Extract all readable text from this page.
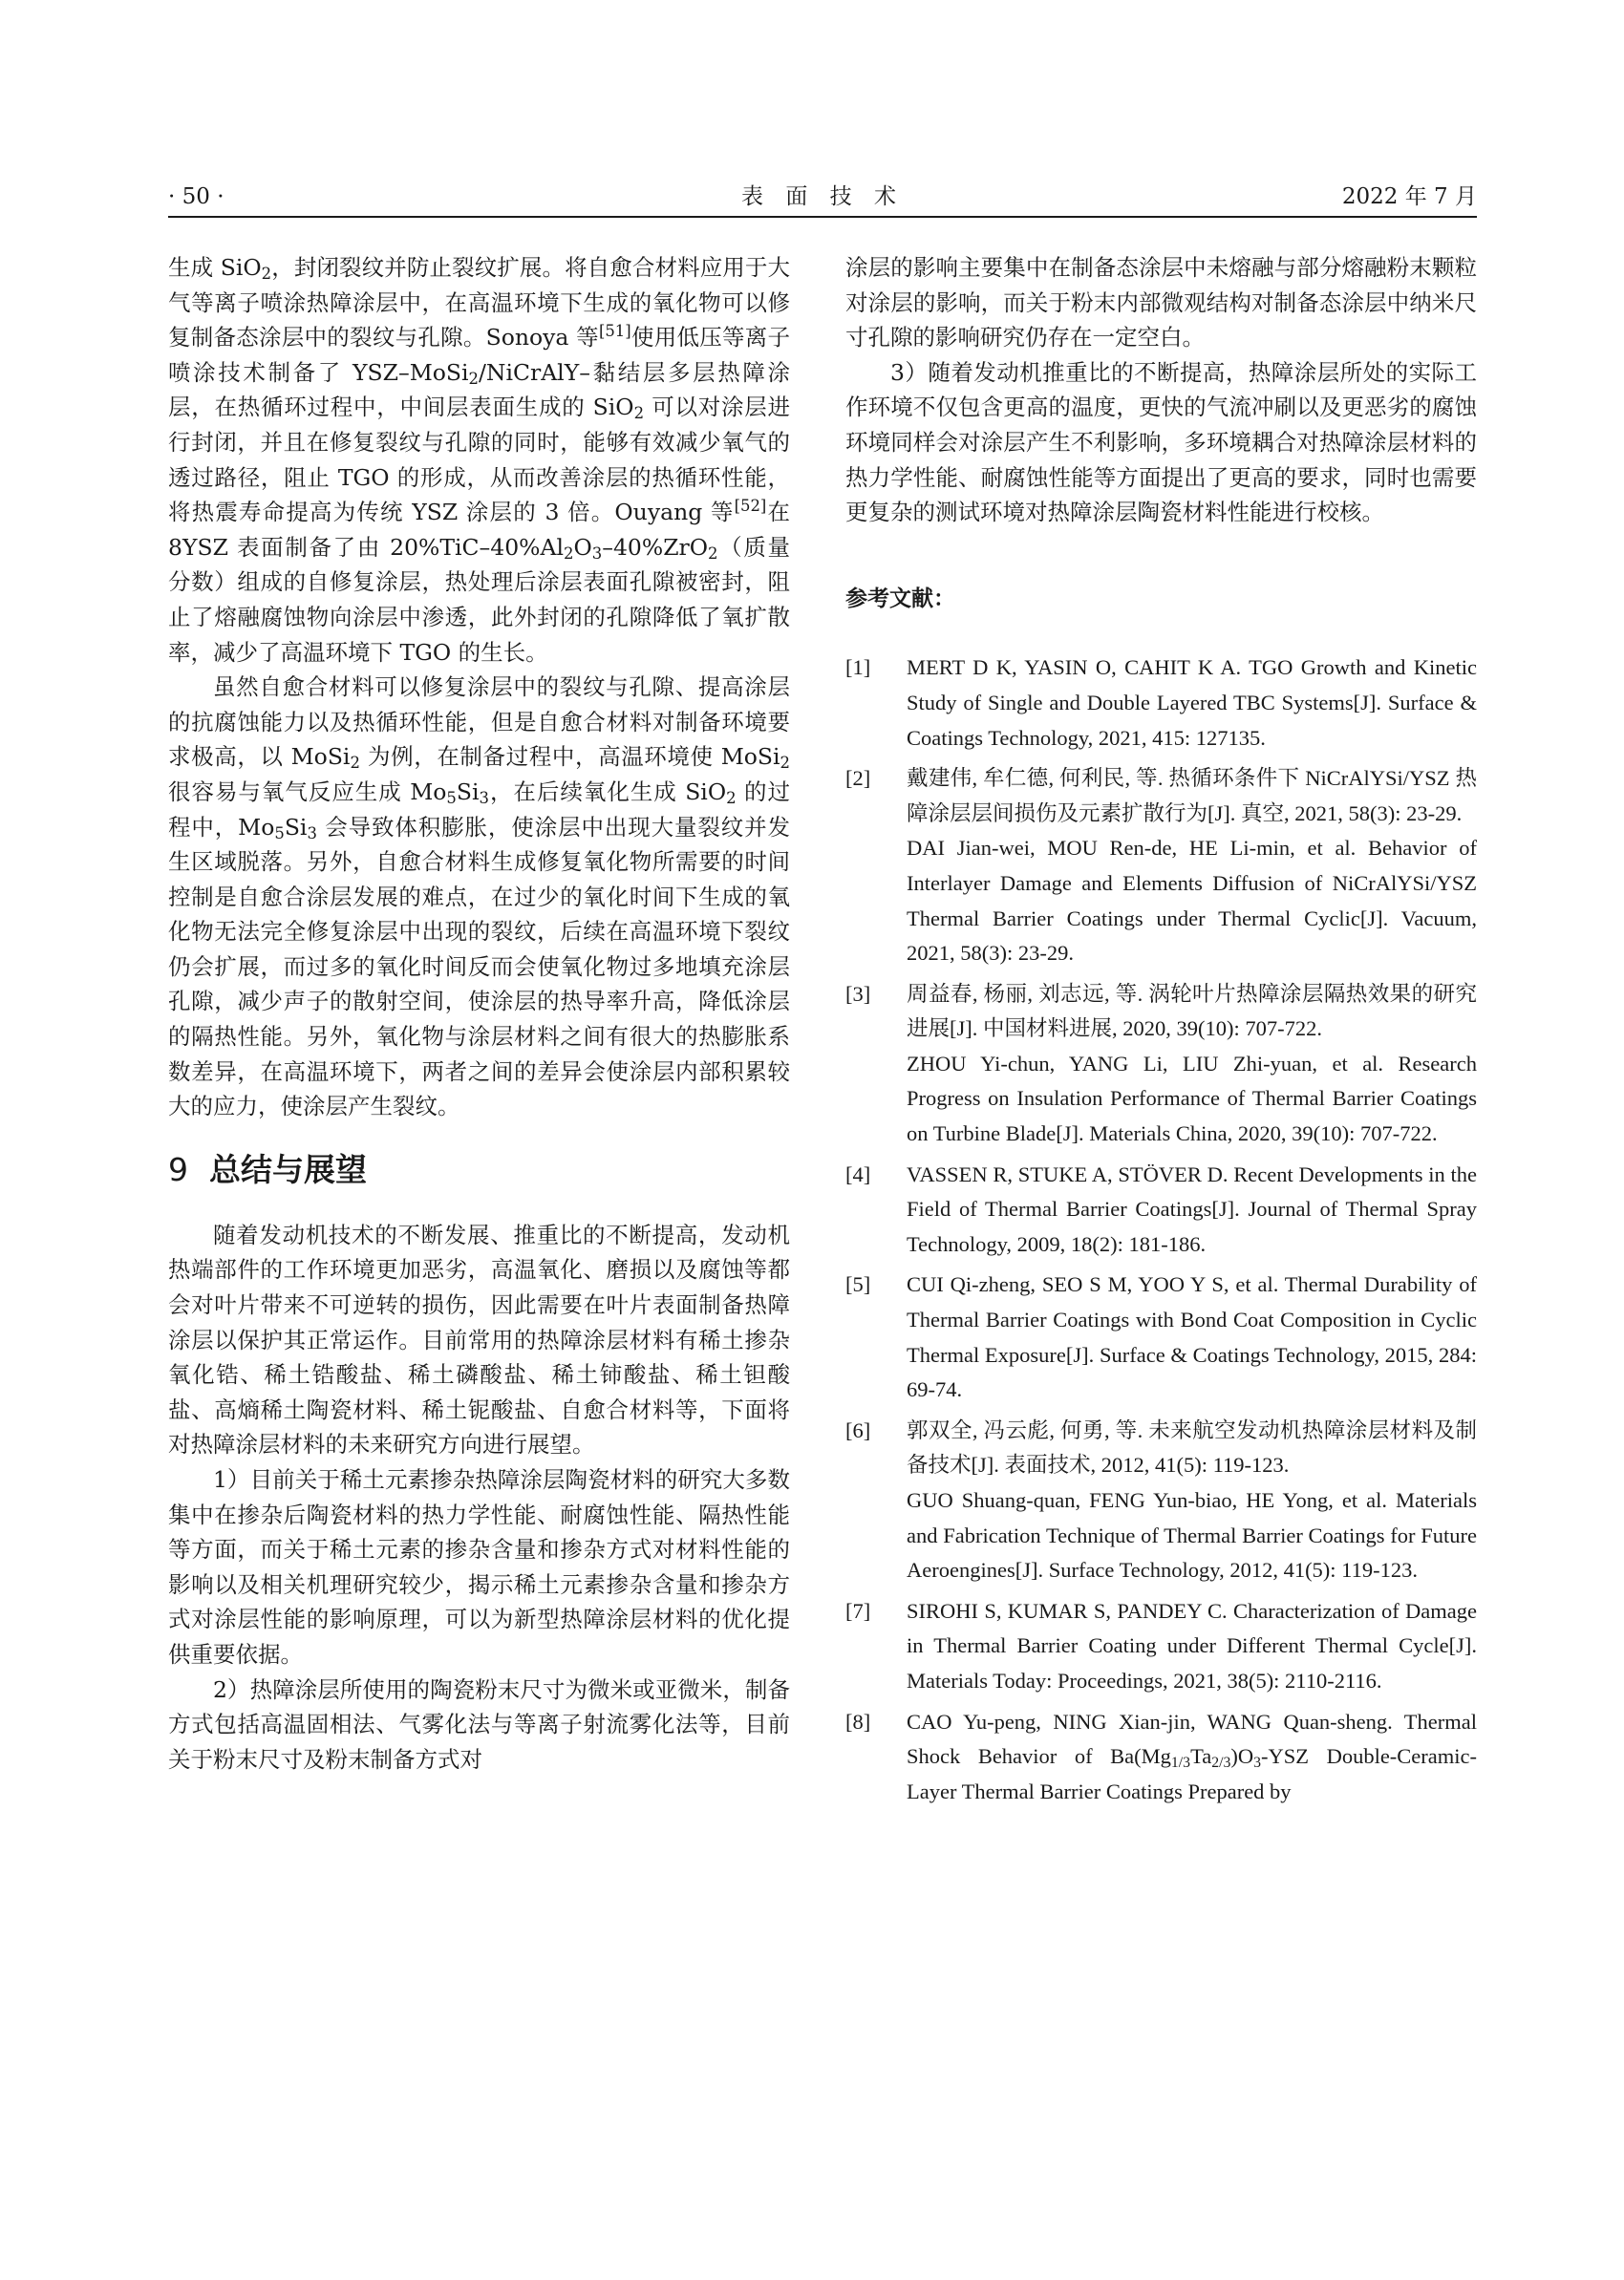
· 50 ·	表 面 技 术	2022 年 7 月

生成 SiO$_2$，封闭裂纹并防止裂纹扩展。将自愈合材料应用于大气等离子喷涂热障涂层中，在高温环境下生成的氧化物可以修复制备态涂层中的裂纹与孔隙。Sonoya 等[51]使用低压等离子喷涂技术制备了 YSZ–MoSi$_2$/NiCrAlY–黏结层多层热障涂层，在热循环过程中，中间层表面生成的 SiO$_2$ 可以对涂层进行封闭，并且在修复裂纹与孔隙的同时，能够有效减少氧气的透过路径，阻止 TGO 的形成，从而改善涂层的热循环性能，将热震寿命提高为传统 YSZ 涂层的 3 倍。Ouyang 等[52]在 8YSZ 表面制备了由 $20\%TiC-40\%Al_2O_3-40\%ZrO_2$（质量分数）组成的自修复涂层，热处理后涂层表面孔隙被密封，阻止了熔融腐蚀物向涂层中渗透，此外封闭的孔隙降低了氧扩散率，减少了高温环境下 TGO 的生长。

虽然自愈合材料可以修复涂层中的裂纹与孔隙、提高涂层的抗腐蚀能力以及热循环性能，但是自愈合材料对制备环境要求极高，以 MoSi$_2$ 为例，在制备过程中，高温环境使 MoSi$_2$ 很容易与氧气反应生成 $Mo_5Si_3$，在后续氧化生成 SiO$_2$ 的过程中，$Mo_5Si_3$ 会导致体积膨胀，使涂层中出现大量裂纹并发生区域脱落。另外，自愈合材料生成修复氧化物所需要的时间控制是自愈合涂层发展的难点，在过少的氧化时间下生成的氧化物无法完全修复涂层中出现的裂纹，后续在高温环境下裂纹仍会扩展，而过多的氧化时间反而会使氧化物过多地填充涂层孔隙，减少声子的散射空间，使涂层的热导率升高，降低涂层的隔热性能。另外，氧化物与涂层材料之间有很大的热膨胀系数差异，在高温环境下，两者之间的差异会使涂层内部积累较大的应力，使涂层产生裂纹。

9 总结与展望

随着发动机技术的不断发展、推重比的不断提高，发动机热端部件的工作环境更加恶劣，高温氧化、磨损以及腐蚀等都会对叶片带来不可逆转的损伤，因此需要在叶片表面制备热障涂层以保护其正常运作。目前常用的热障涂层材料有稀土掺杂氧化锆、稀土锆酸盐、稀土磷酸盐、稀土铈酸盐、稀土钽酸盐、高熵稀土陶瓷材料、稀土铌酸盐、自愈合材料等，下面将对热障涂层材料的未来研究方向进行展望。

1）目前关于稀土元素掺杂热障涂层陶瓷材料的研究大多数集中在掺杂后陶瓷材料的热力学性能、耐腐蚀性能、隔热性能等方面，而关于稀土元素的掺杂含量和掺杂方式对材料性能的影响以及相关机理研究较少，揭示稀土元素掺杂含量和掺杂方式对涂层性能的影响原理，可以为新型热障涂层材料的优化提供重要依据。

2）热障涂层所使用的陶瓷粉末尺寸为微米或亚微米，制备方式包括高温固相法、气雾化法与等离子射流雾化法等，目前关于粉末尺寸及粉末制备方式对

涂层的影响主要集中在制备态涂层中未熔融与部分熔融粉末颗粒对涂层的影响，而关于粉末内部微观结构对制备态涂层中纳米尺寸孔隙的影响研究仍存在一定空白。

3）随着发动机推重比的不断提高，热障涂层所处的实际工作环境不仅包含更高的温度，更快的气流冲刷以及更恶劣的腐蚀环境同样会对涂层产生不利影响，多环境耦合对热障涂层材料的热力学性能、耐腐蚀性能等方面提出了更高的要求，同时也需要更复杂的测试环境对热障涂层陶瓷材料性能进行校核。

参考文献：
[1]	MERT D K, YASIN O, CAHIT K A. TGO Growth and Kinetic Study of Single and Double Layered TBC Systems[J]. Surface & Coatings Technology, 2021, 415: 127135.
[2]	戴建伟, 牟仁德, 何利民, 等. 热循环条件下 NiCrAlYSi/YSZ 热障涂层层间损伤及元素扩散行为[J]. 真空, 2021, 58(3): 23-29.
DAI Jian-wei, MOU Ren-de, HE Li-min, et al. Behavior of Interlayer Damage and Elements Diffusion of NiCrAlYSi/YSZ Thermal Barrier Coatings under Thermal Cyclic[J]. Vacuum, 2021, 58(3): 23-29.
[3]	周益春, 杨丽, 刘志远, 等. 涡轮叶片热障涂层隔热效果的研究进展[J]. 中国材料进展, 2020, 39(10): 707-722.
ZHOU Yi-chun, YANG Li, LIU Zhi-yuan, et al. Research Progress on Insulation Performance of Thermal Barrier Coatings on Turbine Blade[J]. Materials China, 2020, 39(10): 707-722.
[4]	VASSEN R, STUKE A, STÖVER D. Recent Developments in the Field of Thermal Barrier Coatings[J]. Journal of Thermal Spray Technology, 2009, 18(2): 181-186.
[5]	CUI Qi-zheng, SEO S M, YOO Y S, et al. Thermal Durability of Thermal Barrier Coatings with Bond Coat Composition in Cyclic Thermal Exposure[J]. Surface & Coatings Technology, 2015, 284: 69-74.
[6]	郭双全, 冯云彪, 何勇, 等. 未来航空发动机热障涂层材料及制备技术[J]. 表面技术, 2012, 41(5): 119-123.
GUO Shuang-quan, FENG Yun-biao, HE Yong, et al. Materials and Fabrication Technique of Thermal Barrier Coatings for Future Aeroengines[J]. Surface Technology, 2012, 41(5): 119-123.
[7]	SIROHI S, KUMAR S, PANDEY C. Characterization of Damage in Thermal Barrier Coating under Different Thermal Cycle[J]. Materials Today: Proceedings, 2021, 38(5): 2110-2116.
[8]	CAO Yu-peng, NING Xian-jin, WANG Quan-sheng. Thermal Shock Behavior of $Ba(Mg_{1/3}Ta_{2/3})O_3$-YSZ Double-Ceramic-Layer Thermal Barrier Coatings Prepared by
